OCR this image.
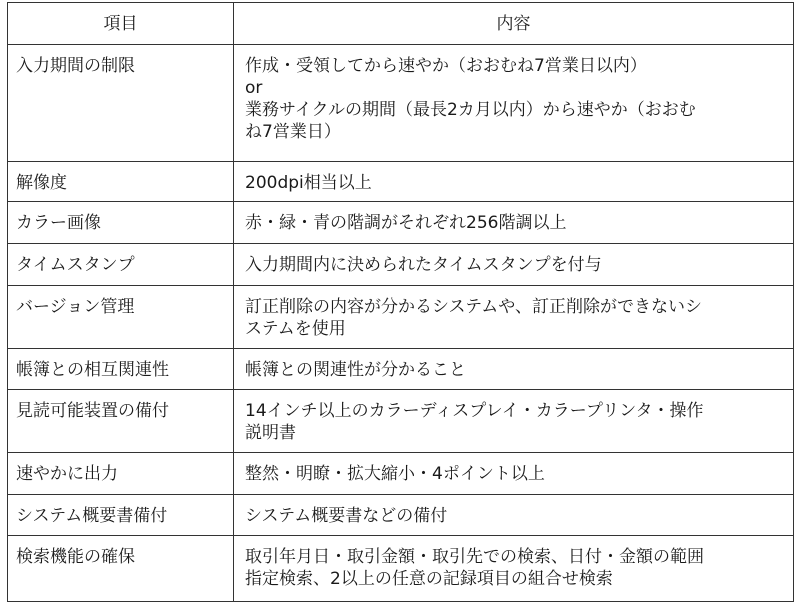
項目	内容
入力期間の制限	作成・受領してから速やか（おおむね7営業日以内）
or
業務サイクルの期間（最長2カ月以内）から速やか（おおむ
ね7営業日）

解像度	200dpi相当以上

カラー画像	赤・緑・青の階調がそれぞれ256階調以上

タイムスタンプ	入力期間内に決められたタイムスタンプを付与

バージョン管理	訂正削除の内容が分かるシステムや、訂正削除ができないシ
ステムを使用

帳簿との相互関連性	帳簿との関連性が分かること

見読可能装置の備付	14インチ以上のカラーディスプレイ・カラープリンタ・操作
説明書

速やかに出力	整然・明瞭・拡大縮小・4ポイント以上

システム概要書備付	システム概要書などの備付

検索機能の確保	取引年月日・取引金額・取引先での検索、日付・金額の範囲
指定検索、2以上の任意の記録項目の組合せ検索
